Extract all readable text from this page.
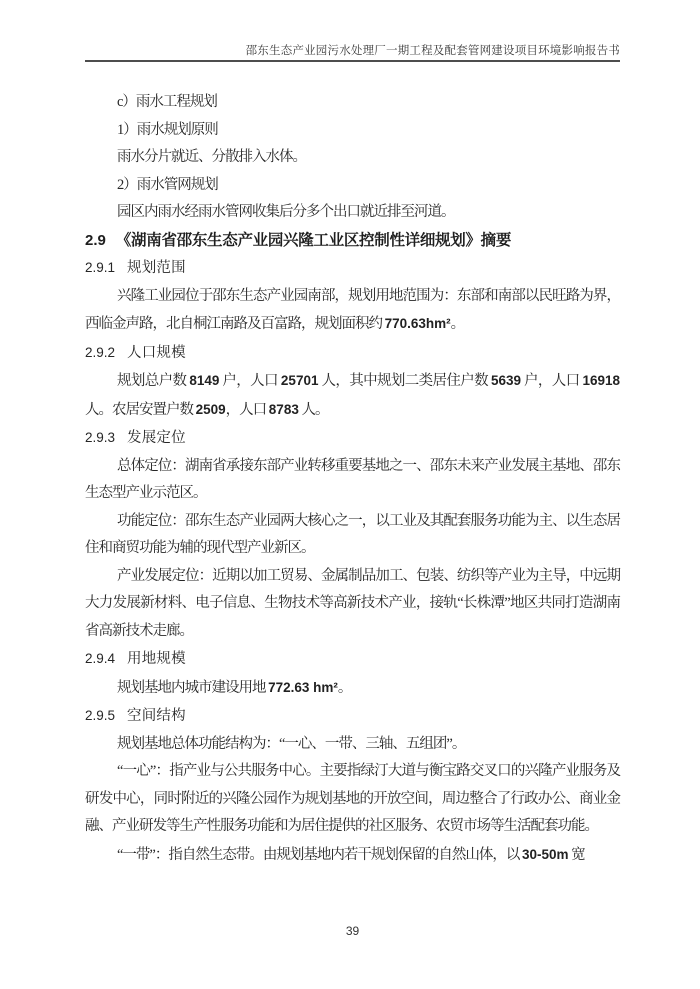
邵东生态产业园污水处理厂一期工程及配套管网建设项目环境影响报告书

c）雨水工程规划

1）雨水规划原则

雨水分片就近、分散排入水体。

2）雨水管网规划

园区内雨水经雨水管网收集后分多个出口就近排至河道。

2.9 《湖南省邵东生态产业园兴隆工业区控制性详细规划》摘要

2.9.1 规划范围

兴隆工业园位于邵东生态产业园南部，规划用地范围为：东部和南部以民旺路为界，西临金声路，北自桐江南路及百富路，规划面积约 770.63hm²。

2.9.2 人口规模

规划总户数 8149 户，人口 25701 人，其中规划二类居住户数 5639 户，人口 16918 人。农居安置户数 2509，人口 8783 人。

2.9.3 发展定位

总体定位：湖南省承接东部产业转移重要基地之一、邵东未来产业发展主基地、邵东生态型产业示范区。

功能定位：邵东生态产业园两大核心之一，以工业及其配套服务功能为主、以生态居住和商贸功能为辅的现代型产业新区。

产业发展定位：近期以加工贸易、金属制品加工、包装、纺织等产业为主导，中远期大力发展新材料、电子信息、生物技术等高新技术产业，接轨“长株潭”地区共同打造湖南省高新技术走廊。

2.9.4 用地规模

规划基地内城市建设用地 772.63 hm²。

2.9.5 空间结构

规划基地总体功能结构为：“一心、一带、三轴、五组团”。

“一心”：指产业与公共服务中心。主要指绿汀大道与衡宝路交叉口的兴隆产业服务及研发中心，同时附近的兴隆公园作为规划基地的开放空间，周边整合了行政办公、商业金融、产业研发等生产性服务功能和为居住提供的社区服务、农贸市场等生活配套功能。

“一带”：指自然生态带。由规划基地内若干规划保留的自然山体，以 30-50m 宽

39
